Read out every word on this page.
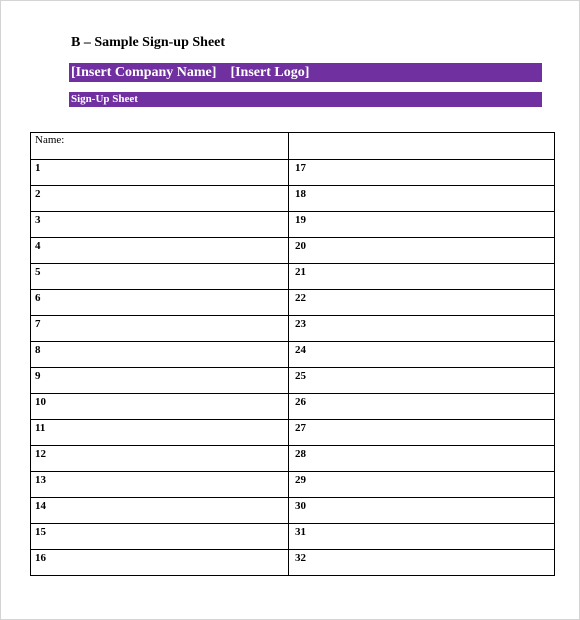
B – Sample Sign-up Sheet
[Insert Company Name] [Insert Logo]
Sign-Up Sheet
Name:	
1	17
2	18
3	19
4	20
5	21
6	22
7	23
8	24
9	25
10	26
11	27
12	28
13	29
14	30
15	31
16	32
